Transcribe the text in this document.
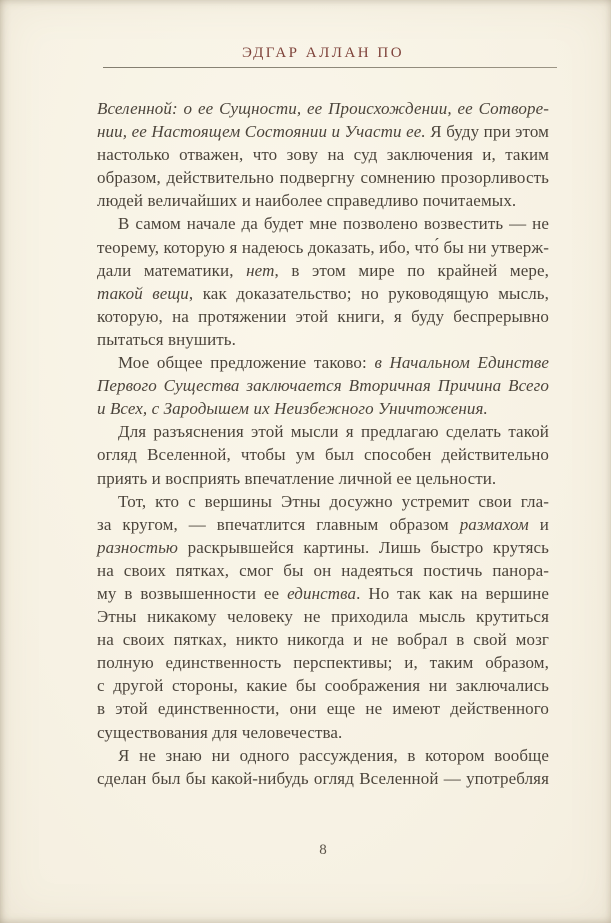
ЭДГАР АЛЛАН ПО
Вселенной: о ее Сущности, ее Происхождении, ее Сотворе-
нии, ее Настоящем Состоянии и Участи ее. Я буду при этом
настолько отважен, что зову на суд заключения и, таким
образом, действительно подвергну сомнению прозорливость
людей величайших и наиболее справедливо почитаемых.
В самом начале да будет мне позволено возвестить — не
теорему, которую я надеюсь доказать, ибо, что́ бы ни утверж-
дали математики, нет, в этом мире по крайней мере,
такой вещи, как доказательство; но руководящую мысль,
которую, на протяжении этой книги, я буду беспрерывно
пытаться внушить.
Мое общее предложение таково: в Начальном Единстве
Первого Существа заключается Вторичная Причина Всего
и Всех, с Зародышем их Неизбежного Уничтожения.
Для разъяснения этой мысли я предлагаю сделать такой
огляд Вселенной, чтобы ум был способен действительно
приять и восприять впечатление личной ее цельности.
Тот, кто с вершины Этны досужно устремит свои гла-
за кругом, — впечатлится главным образом размахом и
разностью раскрывшейся картины. Лишь быстро крутясь
на своих пятках, смог бы он надеяться постичь панора-
му в возвышенности ее единства. Но так как на вершине
Этны никакому человеку не приходила мысль крутиться
на своих пятках, никто никогда и не вобрал в свой мозг
полную единственность перспективы; и, таким образом,
с другой стороны, какие бы соображения ни заключались
в этой единственности, они еще не имеют действенного
существования для человечества.
Я не знаю ни одного рассуждения, в котором вообще
сделан был бы какой-нибудь огляд Вселенной — употребляя
8
